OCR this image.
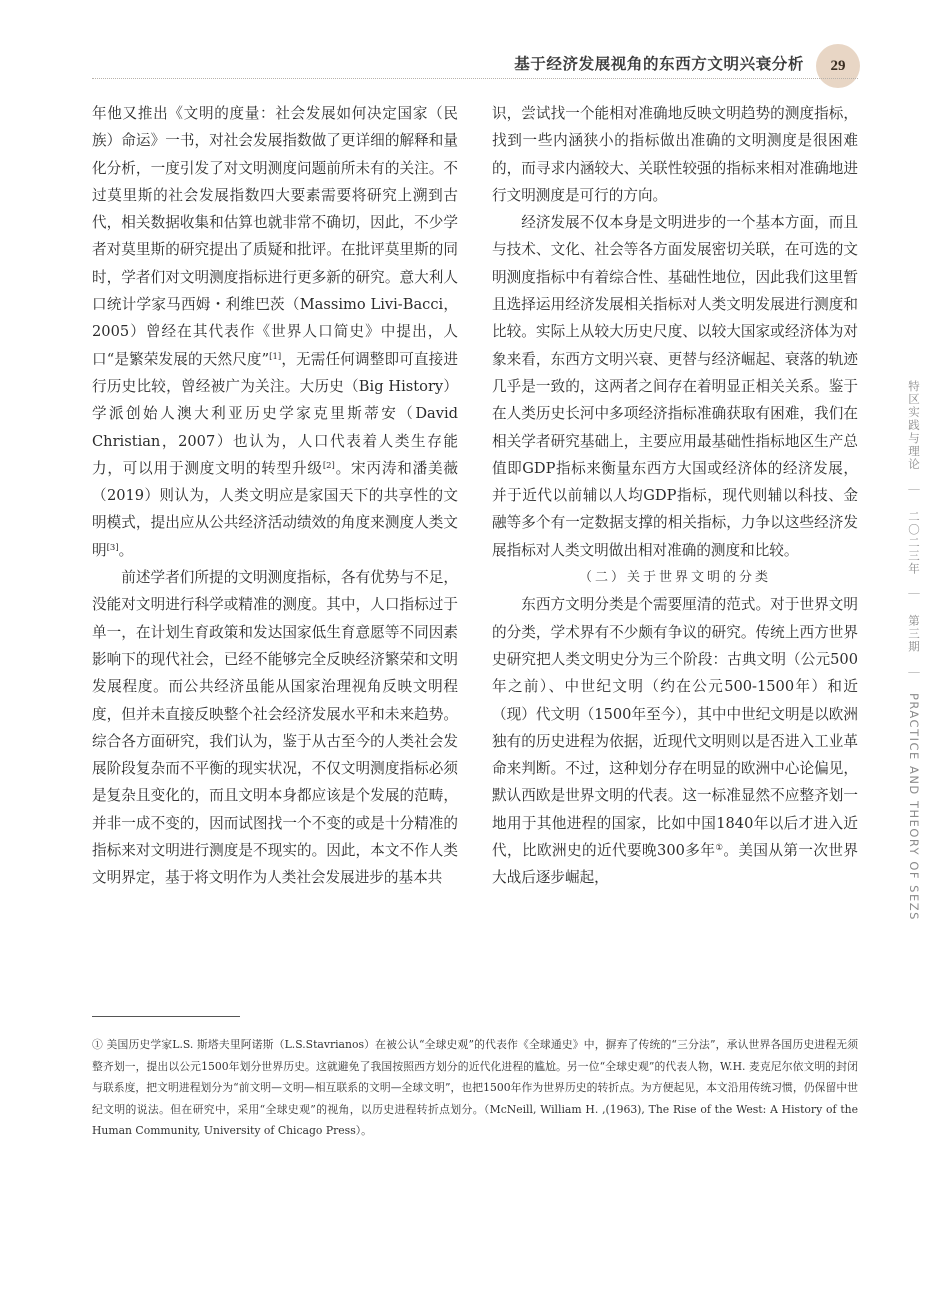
基于经济发展视角的东西方文明兴衰分析	29

年他又推出《文明的度量：社会发展如何决定国家（民族）命运》一书，对社会发展指数做了更详细的解释和量化分析，一度引发了对文明测度问题前所未有的关注。不过莫里斯的社会发展指数四大要素需要将研究上溯到古代，相关数据收集和估算也就非常不确切，因此，不少学者对莫里斯的研究提出了质疑和批评。在批评莫里斯的同时，学者们对文明测度指标进行更多新的研究。意大利人口统计学家马西姆・利维巴茨（Massimo Livi-Bacci，2005）曾经在其代表作《世界人口简史》中提出，人口“是繁荣发展的天然尺度”[1]，无需任何调整即可直接进行历史比较，曾经被广为关注。大历史（Big History）学派创始人澳大利亚历史学家克里斯蒂安（David Christian，2007）也认为，人口代表着人类生存能力，可以用于测度文明的转型升级[2]。宋丙涛和潘美薇（2019）则认为，人类文明应是家国天下的共享性的文明模式，提出应从公共经济活动绩效的角度来测度人类文明[3]。

前述学者们所提的文明测度指标，各有优势与不足，没能对文明进行科学或精准的测度。其中，人口指标过于单一，在计划生育政策和发达国家低生育意愿等不同因素影响下的现代社会，已经不能够完全反映经济繁荣和文明发展程度。而公共经济虽能从国家治理视角反映文明程度，但并未直接反映整个社会经济发展水平和未来趋势。综合各方面研究，我们认为，鉴于从古至今的人类社会发展阶段复杂而不平衡的现实状况，不仅文明测度指标必须是复杂且变化的，而且文明本身都应该是个发展的范畴，并非一成不变的，因而试图找一个不变的或是十分精准的指标来对文明进行测度是不现实的。因此，本文不作人类文明界定，基于将文明作为人类社会发展进步的基本共

识，尝试找一个能相对准确地反映文明趋势的测度指标，找到一些内涵狭小的指标做出准确的文明测度是很困难的，而寻求内涵较大、关联性较强的指标来相对准确地进行文明测度是可行的方向。

经济发展不仅本身是文明进步的一个基本方面，而且与技术、文化、社会等各方面发展密切关联，在可选的文明测度指标中有着综合性、基础性地位，因此我们这里暂且选择运用经济发展相关指标对人类文明发展进行测度和比较。实际上从较大历史尺度、以较大国家或经济体为对象来看，东西方文明兴衰、更替与经济崛起、衰落的轨迹几乎是一致的，这两者之间存在着明显正相关关系。鉴于在人类历史长河中多项经济指标准确获取有困难，我们在相关学者研究基础上，主要应用最基础性指标地区生产总值即GDP指标来衡量东西方大国或经济体的经济发展，并于近代以前辅以人均GDP指标，现代则辅以科技、金融等多个有一定数据支撑的相关指标，力争以这些经济发展指标对人类文明做出相对准确的测度和比较。

（二）关于世界文明的分类

东西方文明分类是个需要厘清的范式。对于世界文明的分类，学术界有不少颇有争议的研究。传统上西方世界史研究把人类文明史分为三个阶段：古典文明（公元500年之前）、中世纪文明（约在公元500-1500年）和近（现）代文明（1500年至今），其中中世纪文明是以欧洲独有的历史进程为依据，近现代文明则以是否进入工业革命来判断。不过，这种划分存在明显的欧洲中心论偏见，默认西欧是世界文明的代表。这一标准显然不应整齐划一地用于其他进程的国家，比如中国1840年以后才进入近代，比欧洲史的近代要晚300多年①。美国从第一次世界大战后逐步崛起，

① 美国历史学家L.S. 斯塔夫里阿诺斯（L.S.Stavrianos）在被公认“全球史观”的代表作《全球通史》中，摒弃了传统的“三分法”，承认世界各国历史进程无须整齐划一，提出以公元1500年划分世界历史。这就避免了我国按照西方划分的近代化进程的尴尬。另一位“全球史观”的代表人物，W.H. 麦克尼尔依文明的封闭与联系度，把文明进程划分为“前文明—文明—相互联系的文明—全球文明”，也把1500年作为世界历史的转折点。为方便起见，本文沿用传统习惯，仍保留中世纪文明的说法。但在研究中，采用“全球史观”的视角，以历史进程转折点划分。（McNeill, William H. ,(1963), The Rise of the West: A History of the Human Community, University of Chicago Press）。

特区实践与理论 ｜ 二〇二三年 ｜ 第三期 ｜ PRACTICE AND THEORY OF SEZS
